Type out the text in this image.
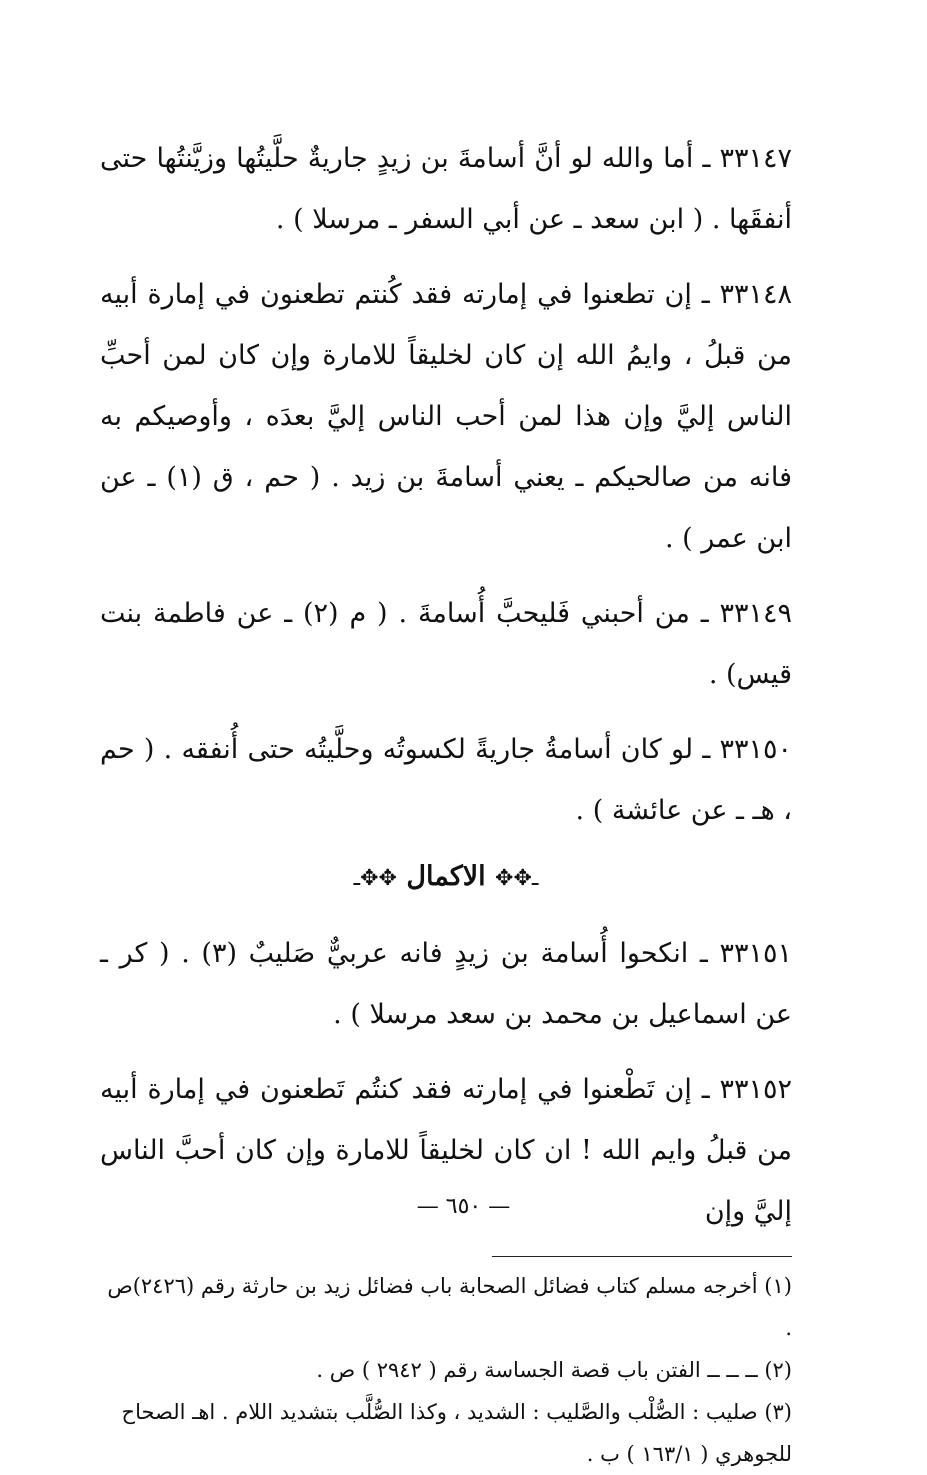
٣٣١٤٧ ـ أما والله لو أنَّ أسامةَ بن زيدٍ جاريةٌ حلَّيتُها وزيَّنتُها حتى أنفقَها . ( ابن سعد ـ عن أبي السفر ـ مرسلا ) .

٣٣١٤٨ ـ إن تطعنوا في إمارته فقد كُنتم تطعنون في إمارة أبيه من قبلُ ، وايمُ الله إن كان لخليقاً للامارة وإن كان لمن أحبِّ الناس إليَّ وإن هذا لمن أحب الناس إليَّ بعدَه ، وأوصيكم به فانه من صالحيكم ـ يعني أسامةَ بن زيد . ( حم ، ق (١) ـ عن ابن عمر ) .

٣٣١٤٩ ـ من أحبني فَليحبَّ أُسامةَ . ( م (٢) ـ عن فاطمة بنت قيس) .

٣٣١٥٠ ـ لو كان أسامةُ جاريةً لكسوتُه وحلَّيتُه حتى أُنفقه . ( حم ، هـ ـ عن عائشة ) .

ـ✥✥ الاكمال ✥✥ـ

٣٣١٥١ ـ انكحوا أُسامة بن زيدٍ فانه عربيٌّ صَليبٌ (٣) . ( كر ـ عن اسماعيل بن محمد بن سعد مرسلا ) .

٣٣١٥٢ ـ إن تَطْعنوا في إمارته فقد كنتُم تَطعنون في إمارة أبيه من قبلُ وايم الله ! ان كان لخليقاً للامارة وإن كان أحبَّ الناس إليَّ وإن

(١) أخرجه مسلم كتاب فضائل الصحابة باب فضائل زيد بن حارثة رقم (٢٤٢٦)ص .

(٢) ــ ــ ــ الفتن باب قصة الجساسة رقم ( ٢٩٤٢ ) ص .

(٣) صليب : الصُّلْب والصَّليب : الشديد ، وكذا الصُّلَّب بتشديد اللام . اهـ الصحاح للجوهري ( ١٦٣/١ ) ب .

— ٦٥٠ —
